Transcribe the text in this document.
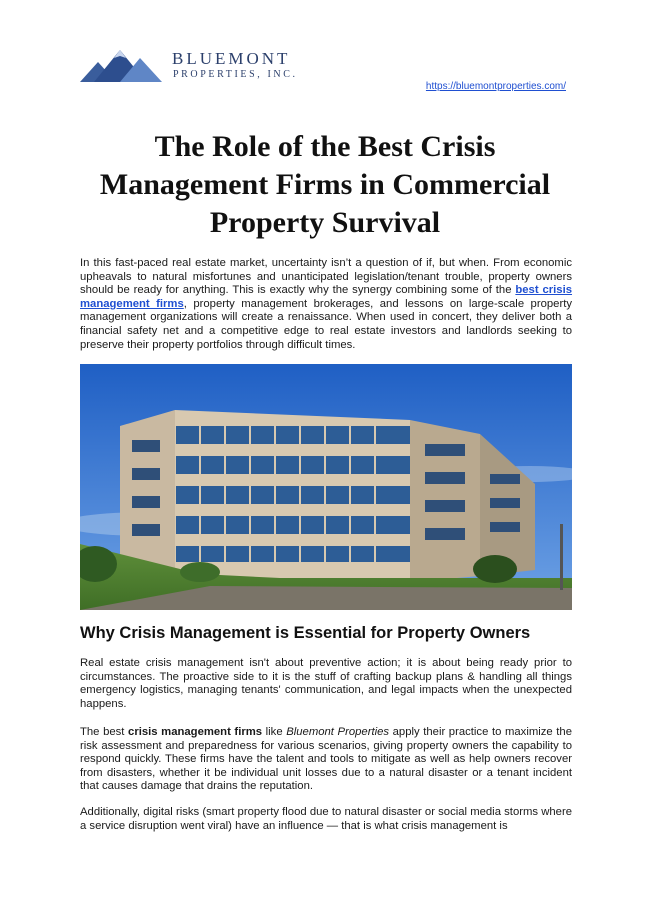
BLUEMONT
PROPERTIES, INC.
https://bluemontproperties.com/
The Role of the Best Crisis Management Firms in Commercial Property Survival

In this fast-paced real estate market, uncertainty isn’t a question of if, but when. From economic upheavals to natural misfortunes and unanticipated legislation/tenant trouble, property owners should be ready for anything. This is exactly why the synergy combining some of the best crisis management firms, property management brokerages, and lessons on large-scale property management organizations will create a renaissance. When used in concert, they deliver both a financial safety net and a competitive edge to real estate investors and landlords seeking to preserve their property portfolios through difficult times.

Why Crisis Management is Essential for Property Owners

Real estate crisis management isn't about preventive action; it is about being ready prior to circumstances. The proactive side to it is the stuff of crafting backup plans & handling all things emergency logistics, managing tenants' communication, and legal impacts when the unexpected happens.

The best crisis management firms like Bluemont Properties apply their practice to maximize the risk assessment and preparedness for various scenarios, giving property owners the capability to respond quickly. These firms have the talent and tools to mitigate as well as help owners recover from disasters, whether it be individual unit losses due to a natural disaster or a tenant incident that causes damage that drains the reputation.

Additionally, digital risks (smart property flood due to natural disaster or social media storms where a service disruption went viral) have an influence — that is what crisis management is
